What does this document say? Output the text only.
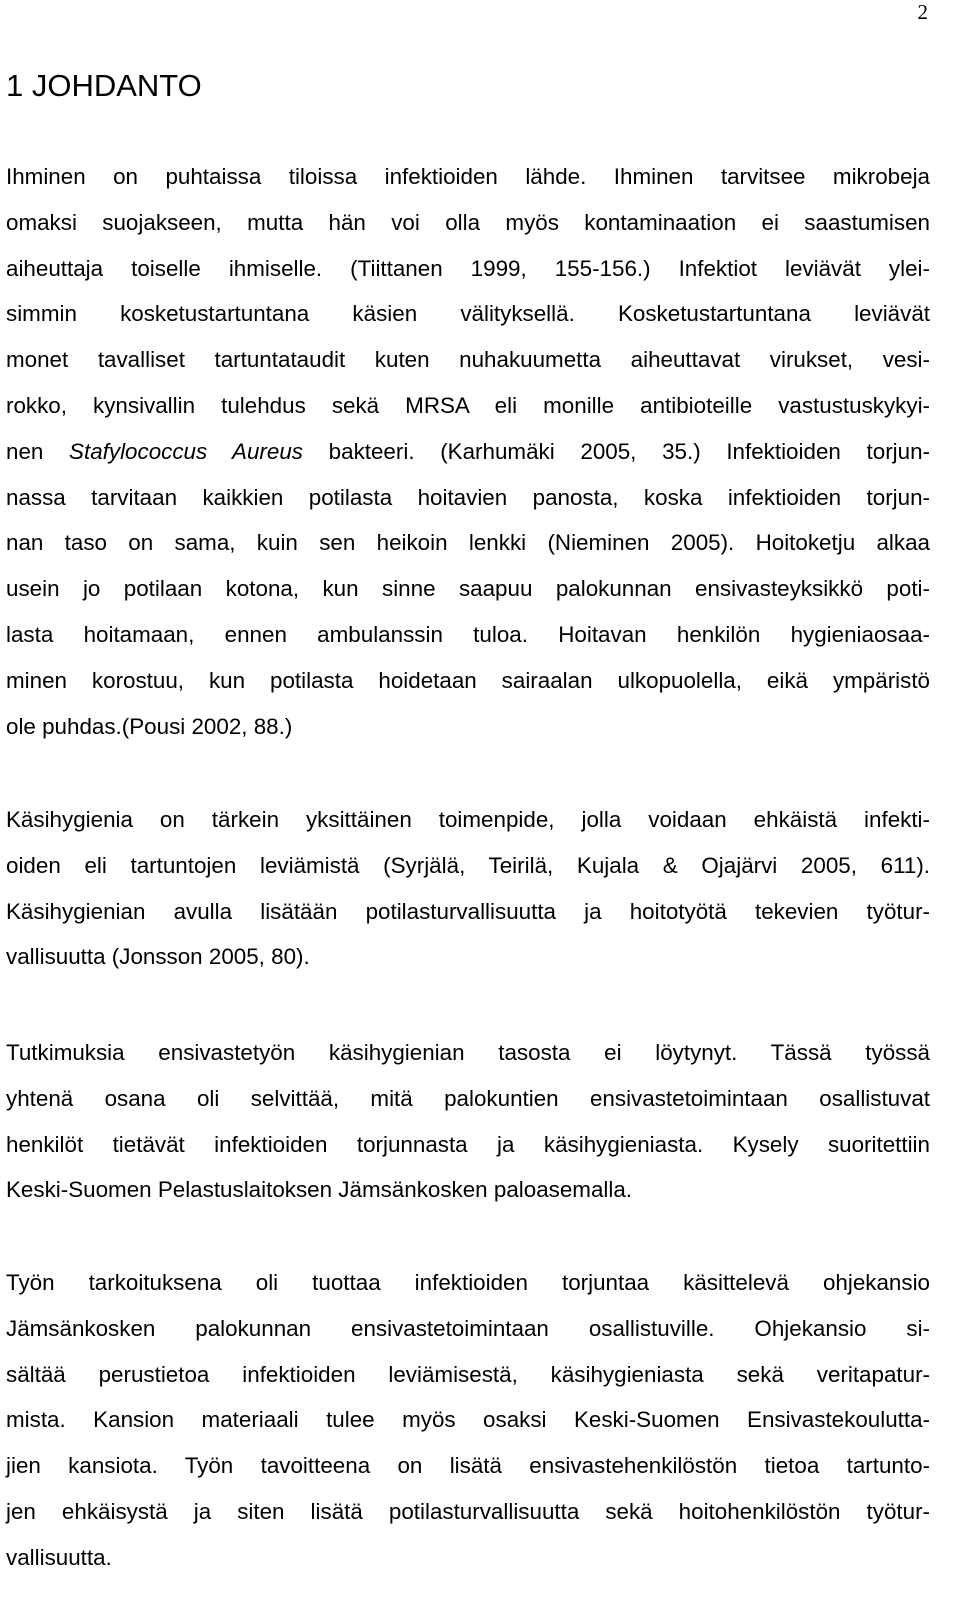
2
1 JOHDANTO
Ihminen on puhtaissa tiloissa infektioiden lähde. Ihminen tarvitsee mikrobeja
omaksi suojakseen, mutta hän voi olla myös kontaminaation ei saastumisen
aiheuttaja toiselle ihmiselle. (Tiittanen 1999, 155-156.) Infektiot leviävät ylei-
simmin kosketustartuntana käsien välityksellä. Kosketustartuntana leviävät
monet tavalliset tartuntataudit kuten nuhakuumetta aiheuttavat virukset, vesi-
rokko, kynsivallin tulehdus sekä MRSA eli monille antibioteille vastustuskykyi-
nen Stafylococcus Aureus bakteeri. (Karhumäki 2005, 35.) Infektioiden torjun-
nassa tarvitaan kaikkien potilasta hoitavien panosta, koska infektioiden torjun-
nan taso on sama, kuin sen heikoin lenkki (Nieminen 2005). Hoitoketju alkaa
usein jo potilaan kotona, kun sinne saapuu palokunnan ensivasteyksikkö poti-
lasta hoitamaan, ennen ambulanssin tuloa. Hoitavan henkilön hygieniaosaa-
minen korostuu, kun potilasta hoidetaan sairaalan ulkopuolella, eikä ympäristö
ole puhdas.(Pousi 2002, 88.)
Käsihygienia on tärkein yksittäinen toimenpide, jolla voidaan ehkäistä infekti-
oiden eli tartuntojen leviämistä (Syrjälä, Teirilä, Kujala & Ojajärvi 2005, 611).
Käsihygienian avulla lisätään potilasturvallisuutta ja hoitotyötä tekevien työtur-
vallisuutta (Jonsson 2005, 80).
Tutkimuksia ensivastetyön käsihygienian tasosta ei löytynyt. Tässä työssä
yhtenä osana oli selvittää, mitä palokuntien ensivastetoimintaan osallistuvat
henkilöt tietävät infektioiden torjunnasta ja käsihygieniasta. Kysely suoritettiin
Keski-Suomen Pelastuslaitoksen Jämsänkosken paloasemalla.
Työn tarkoituksena oli tuottaa infektioiden torjuntaa käsittelevä ohjekansio
Jämsänkosken palokunnan ensivastetoimintaan osallistuville. Ohjekansio si-
sältää perustietoa infektioiden leviämisestä, käsihygieniasta sekä veritapatur-
mista. Kansion materiaali tulee myös osaksi Keski-Suomen Ensivastekoulutta-
jien kansiota. Työn tavoitteena on lisätä ensivastehenkilöstön tietoa tartunto-
jen ehkäisystä ja siten lisätä potilasturvallisuutta sekä hoitohenkilöstön työtur-
vallisuutta.
